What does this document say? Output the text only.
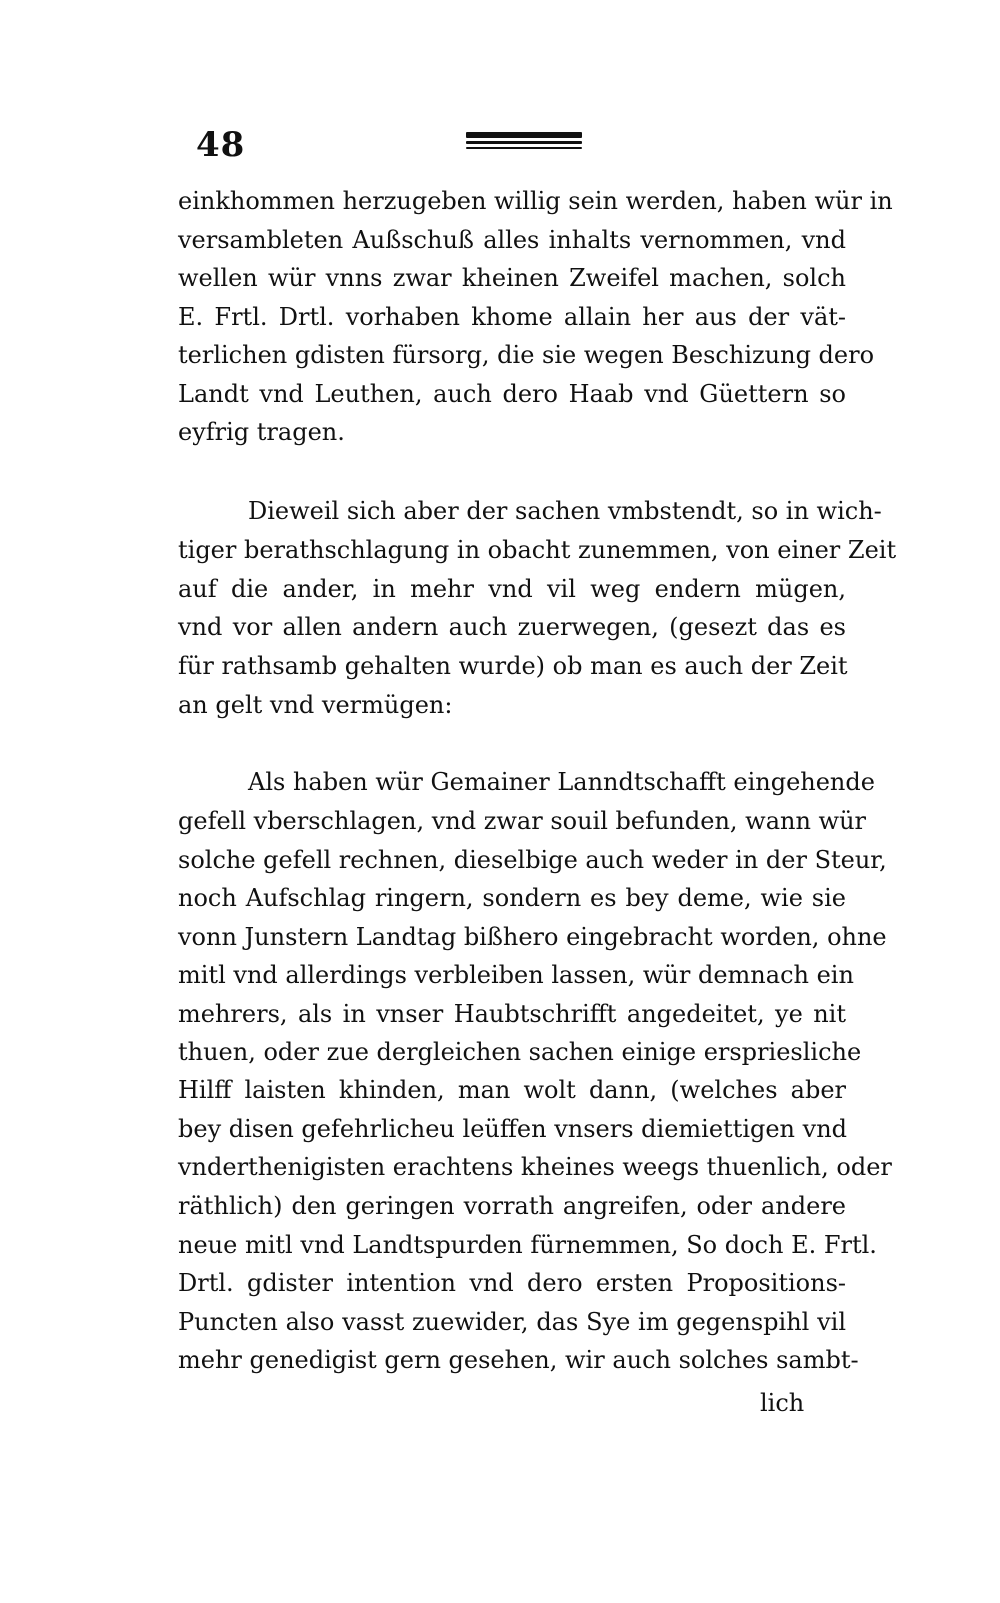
48
einkhommen herzugeben willig sein werden, haben wür in
versambleten Außschuß alles inhalts vernommen, vnd
wellen wür vnns zwar kheinen Zweifel machen, solch
E. Frtl. Drtl. vorhaben khome allain her aus der vät-
terlichen gdisten fürsorg, die sie wegen Beschizung dero
Landt vnd Leuthen, auch dero Haab vnd Güettern so
eyfrig tragen.
Dieweil sich aber der sachen vmbstendt, so in wich-
tiger berathschlagung in obacht zunemmen, von einer Zeit
auf die ander, in mehr vnd vil weg endern mügen,
vnd vor allen andern auch zuerwegen, (gesezt das es
für rathsamb gehalten wurde) ob man es auch der Zeit
an gelt vnd vermügen:
Als haben wür Gemainer Lanndtschafft eingehende
gefell vberschlagen, vnd zwar souil befunden, wann wür
solche gefell rechnen, dieselbige auch weder in der Steur,
noch Aufschlag ringern, sondern es bey deme, wie sie
vonn Junstern Landtag bißhero eingebracht worden, ohne
mitl vnd allerdings verbleiben lassen, wür demnach ein
mehrers, als in vnser Haubtschrifft angedeitet, ye nit
thuen, oder zue dergleichen sachen einige erspriesliche
Hilff laisten khinden, man wolt dann, (welches aber
bey disen gefehrlicheu leüffen vnsers diemiettigen vnd
vnderthenigisten erachtens kheines weegs thuenlich, oder
räthlich) den geringen vorrath angreifen, oder andere
neue mitl vnd Landtspurden fürnemmen, So doch E. Frtl.
Drtl. gdister intention vnd dero ersten Propositions-
Puncten also vasst zuewider, das Sye im gegenspihl vil
mehr genedigist gern gesehen, wir auch solches sambt-
lich
